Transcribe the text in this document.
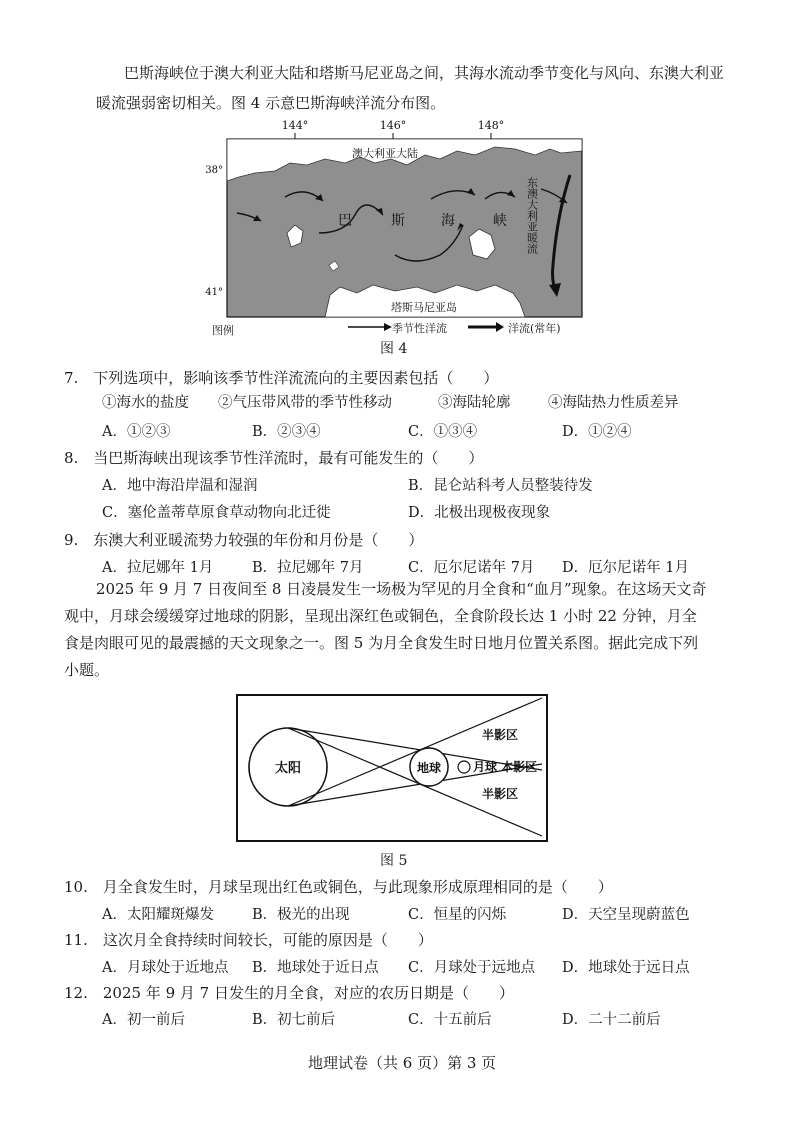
巴斯海峡位于澳大利亚大陆和塔斯马尼亚岛之间，其海水流动季节变化与风向、东澳大利亚
暖流强弱密切相关。图 4 示意巴斯海峡洋流分布图。
144°	146°	148°
38°
41°
澳大利亚大陆
塔斯马尼亚岛
巴	斯	海	峡 东澳大利亚暖流
图例	季节性洋流	洋流(常年)
图 4
7.　下列选项中，影响该季节性洋流流向的主要因素包括（　　）
①海水的盐度 ②气压带风带的季节性移动	③海陆轮廓	④海陆热力性质差异
A．①②③	B．②③④	C．①③④	D．①②④
8.　当巴斯海峡出现该季节性洋流时，最有可能发生的（　　）
A．地中海沿岸温和湿润	B．昆仑站科考人员整装待发
C．塞伦盖蒂草原食草动物向北迁徙	D．北极出现极夜现象
9.　东澳大利亚暖流势力较强的年份和月份是（　　）
A．拉尼娜年 1月	B．拉尼娜年 7月	C．厄尔尼诺年 7月 D．厄尔尼诺年 1月
2025 年 9 月 7 日夜间至 8 日凌晨发生一场极为罕见的月全食和“血月”现象。在这场天文奇
观中，月球会缓缓穿过地球的阴影，呈现出深红色或铜色，全食阶段长达 1 小时 22 分钟，月全
食是肉眼可见的最震撼的天文现象之一。图 5 为月全食发生时日地月位置关系图。据此完成下列
小题。
太阳	地球	月球 本影区
半影区
半影区
图 5
10.　月全食发生时，月球呈现出红色或铜色，与此现象形成原理相同的是（　　）
A．太阳耀斑爆发	B．极光的出现	C．恒星的闪烁	D．天空呈现蔚蓝色
11.　这次月全食持续时间较长，可能的原因是（　　）
A．月球处于近地点 B．地球处于近日点 C．月球处于远地点 D．地球处于远日点
12.　2025 年 9 月 7 日发生的月全食，对应的农历日期是（　　）
A．初一前后	B．初七前后	C．十五前后	D．二十二前后
地理试卷（共 6 页）第 3 页
